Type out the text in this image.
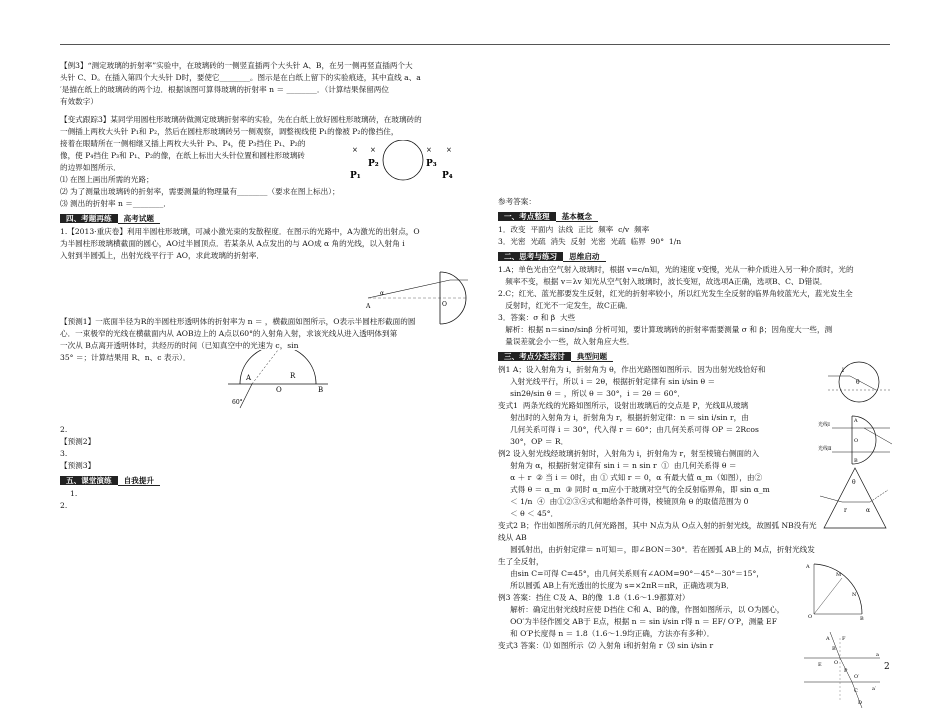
【例3】“测定玻璃的折射率”实验中，在玻璃砖的一侧竖直插两个大头针 A、B，在另一侧再竖直插两个大

头针 C、D。在插入第四个大头针 D时，要使它________。图示是在白纸上留下的实验痕迹，其中直线 a、a

′是描在纸上的玻璃砖的两个边．根据该图可算得玻璃的折射率 n ＝ ________．（计算结果保留两位

有效数字）

【变式跟踪3】某同学用圆柱形玻璃砖做测定玻璃折射率的实验，先在白纸上放好圆柱形玻璃砖，在玻璃砖的

一侧插上两枚大头针 P₁和 P₂，然后在圆柱形玻璃砖另一侧观察，调整视线使 P₁的像被 P₂的像挡住，

接着在眼睛所在一侧相继又插上两枚大头针 P₃、P₄，使 P₃挡住 P₁、P₂的

像，使 P₄挡住 P₃和 P₁、P₂的像，在纸上标出大头针位置和圆柱形玻璃砖

的边界如图所示．

⑴ 在图上画出所需的光路；

⑵ 为了测量出玻璃砖的折射率，需要测量的物理量有________（要求在图上标出）；

⑶ 测出的折射率 n ＝________．

四、考题再练 高考试题

1.【2013·重庆卷】利用半圆柱形玻璃，可减小激光束的发散程度．在图示的光路中，A为激光的出射点，O

为半圆柱形玻璃横截面的圆心，AO过半圆顶点．若某条从 A点发出的与 AO成 α 角的光线，以入射角 i

入射到半圆弧上，出射光线平行于 AO，求此玻璃的折射率．

【预测1】一底面半径为R的半圆柱形透明体的折射率为 n ＝ ，横截面如图所示，O表示半圆柱形截面的圆

心．一束极窄的光线在横截面内从 AOB边上的 A点以60°的入射角入射，求该光线从进入透明体到第

一次从 B点离开透明体时，共经历的时间（已知真空中的光速为 c，sin

35° ＝；计算结果用 R、n、c 表示）．

2.

【预测2】

3.

【预测3】

五、课堂演练 自我提升

1.

2.

× ×	× ×
P₁
P₂	P₃
P₄
A	O
α
A
O	B
60°
R

参考答案：

一、考点整理 基本概念

1．改变  平面内  法线  正比  频率  c/v  频率

3．光密  光疏  消失  反射  光密  光疏  临界  90°  1/n

二、思考与练习 思维启动

1.A；单色光由空气射入玻璃时，根据 v=c/n知，光的速度 v变慢，光从一种介质进入另一种介质时，光的

频率不变，根据 v＝λv 知光从空气射入玻璃时，波长变短，故选项A正确，选项B、C、D错误．

2.C；红光、蓝光都要发生反射，红光的折射率较小，所以红光发生全反射的临界角较蓝光大，蓝光发生全

反射时，红光不一定发生，故C正确．

3．答案：σ 和 β  大些

解析：根据 n＝sinσ/sinβ 分析可知，要计算玻璃砖的折射率需要测量 σ 和 β；因角度大一些，测

量误差就会小一些，故入射角应大些．

三、考点分类探讨 典型问题

例1 A；设入射角为 i，折射角为 θ，作出光路图如图所示．因为出射光线恰好和

入射光线平行，所以 i ＝ 2θ，根据折射定律有 sin i/sin θ ＝

sin2θ/sin θ ＝ ，所以 θ ＝ 30°，i ＝ 2θ ＝ 60°．

变式1  两条光线的光路如图所示，设射出玻璃后的交点是 P，光线Ⅱ从玻璃

射出时的入射角为 i，折射角为 r，根据折射定律：n ＝ sin i/sin r，由

几何关系可得 i ＝ 30°，代入得 r ＝ 60°；由几何关系可得 OP ＝ 2Rcos

30°，OP ＝ R．

例2 设入射光线经玻璃折射时，入射角为 i，折射角为 r，射至棱镜右侧面的入

射角为 α，根据折射定律有 sin i ＝ n sin r  ①  由几何关系得 θ ＝

α ＋ r  ② 当 i ＝ 0时，由 ① 式知 r ＝ 0，α 有最大值 α_m（如图），由②

式得 θ ＝ α_m  ③ 同时 α_m应小于玻璃对空气的全反射临界角，即 sin α_m

＜ 1/n  ④  由①②③④式和题给条件可得，棱镜顶角 θ 的取值范围为 0

＜ θ ＜ 45°．

变式2 B；作出如图所示的几何光路图，其中 N点为从 O点入射的折射光线，故圆弧 NB没有光线从 AB

圆弧射出，由折射定律＝ n可知＝，即∠BON＝30°．若在圆弧 AB上的 M点，折射光线发生了全反射，

由sin C=可得 C=45°，由几何关系则有∠AOM=90°－45°－30°＝15°，

所以圆弧 AB上有光透出的长度为 s=×2πR＝πR，正确选项为B．

例3 答案：挡住 C及 A、B的像  1.8（1.6～1.9都算对）

解析：确定出射光线时应使 D挡住 C和 A、B的像，作图如图所示，以 O为圆心，

OO′为半径作圆交 AB于 E点，根据 n ＝ sin i/sin r得 n ＝ EF/ O′P，测量 EF

和 O′P长度得 n ＝ 1.8（1.6～1.9均正确，方法亦有多种）．

变式3 答案：⑴ 如图所示  ⑵ 入射角 i和折射角 r  ⑶ sin i/sin r

i
θ
光线Ⅰ
光线Ⅱ
O
B
A
θ
r	α
A
M
N
O	B
A
B
C
D
E
F
O
O′
P
a
a′
2
